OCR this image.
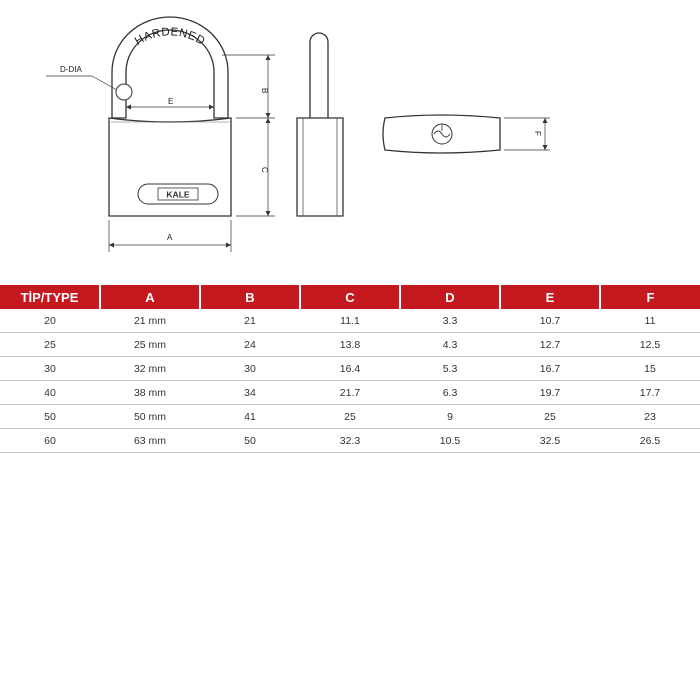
HARDENED
D-DIA
E
KALE
B
C
A
F
TİP/TYPE	A	B	C	D	E	F
20	21 mm	21	11.1	3.3	10.7	11
25	25 mm	24	13.8	4.3	12.7	12.5
30	32 mm	30	16.4	5.3	16.7	15
40	38 mm	34	21.7	6.3	19.7	17.7
50	50 mm	41	25	9	25	23
60	63 mm	50	32.3	10.5	32.5	26.5
